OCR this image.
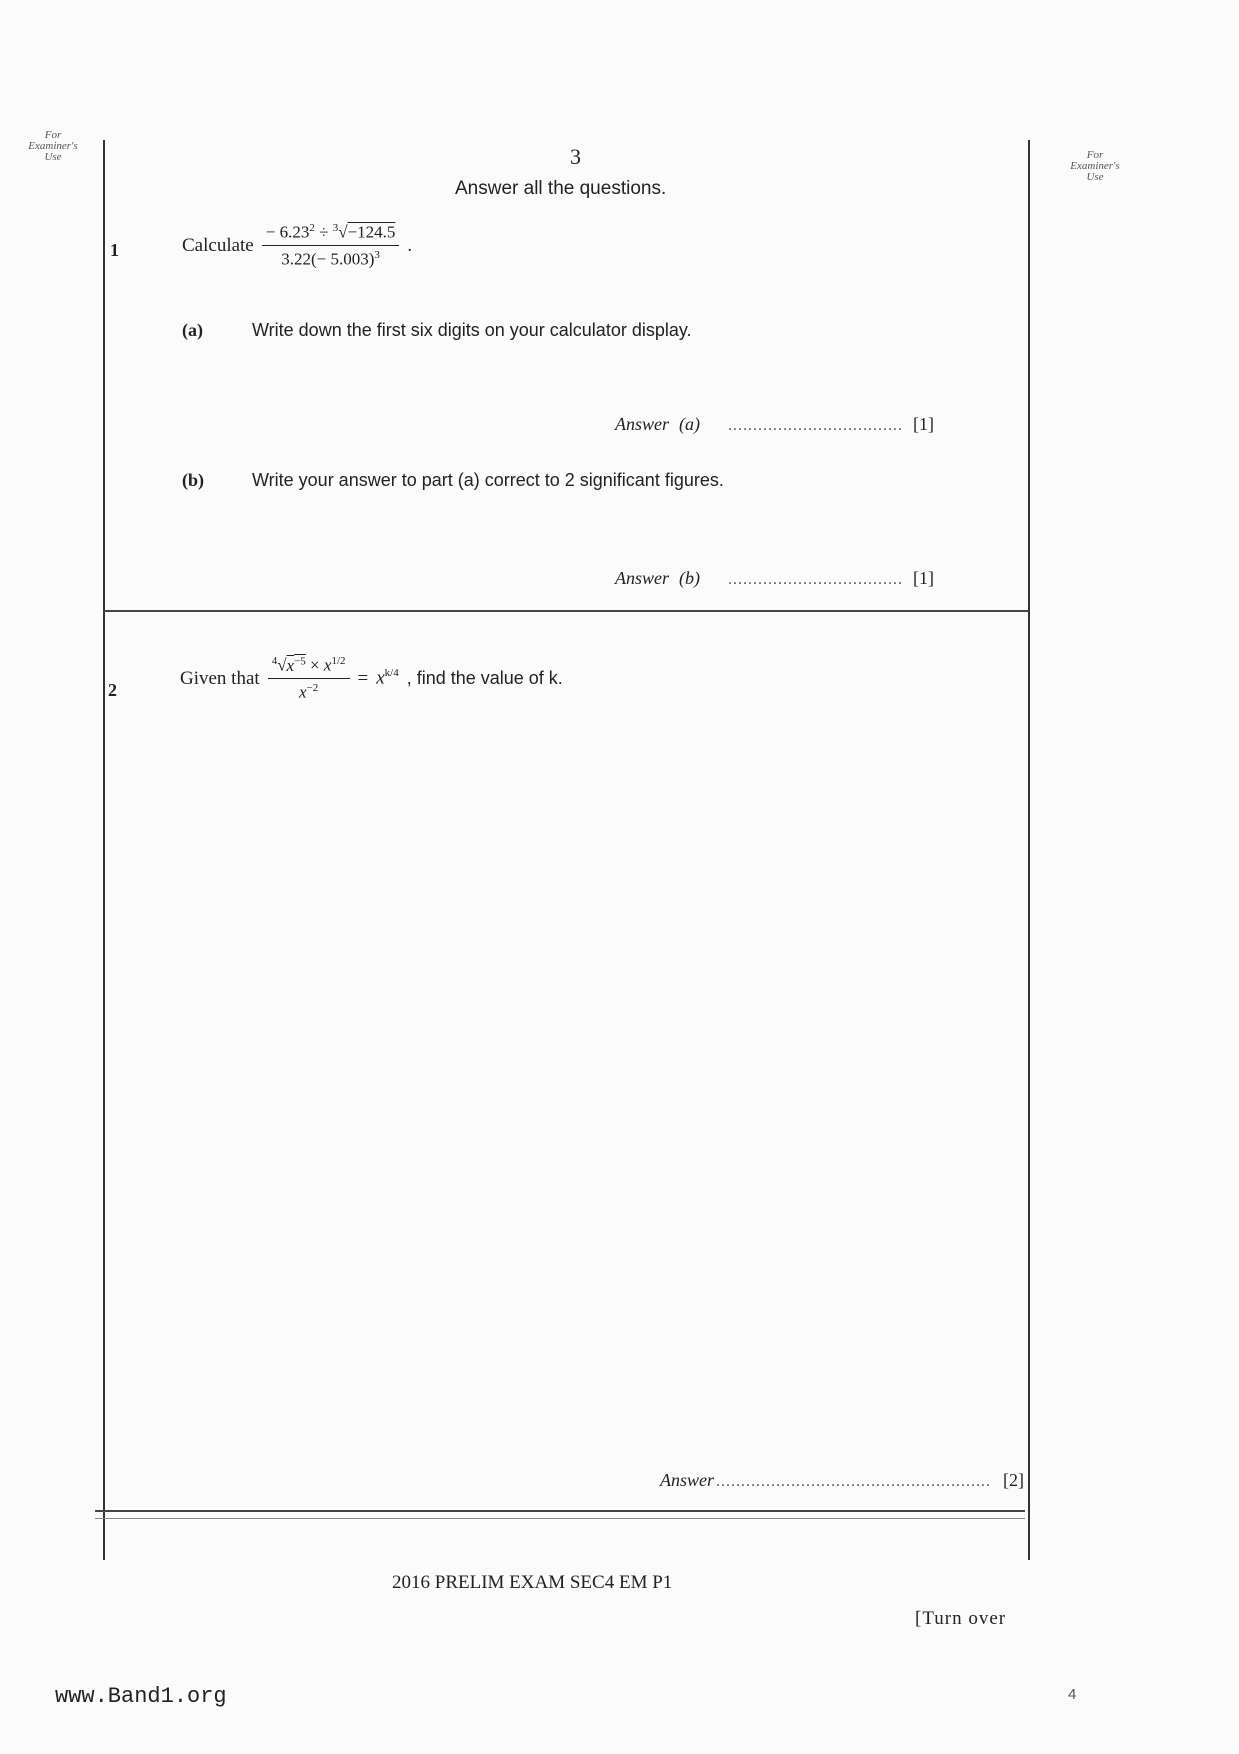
For
Examiner's
Use	For
Examiner's
Use
3
Answer all the questions.
1	Calculate $\frac{- 6.23^2 \div ^3√-124.5}{3.22(- 5.003)^3}$ .
(a)	Write down the first six digits on your calculator display.
Answer (a) ................................... [1]
(b)	Write your answer to part (a) correct to 2 significant figures.
Answer (b) ................................... [1]
2
Given that $\frac{^4√x^{-5} \times x^{1/2}}{x^{-2}} = x^{k/4}$ , find the value of k.
Answer ....................................................... [2]
2016 PRELIM EXAM SEC4 EM P1
[Turn over
www.Band1.org	4
